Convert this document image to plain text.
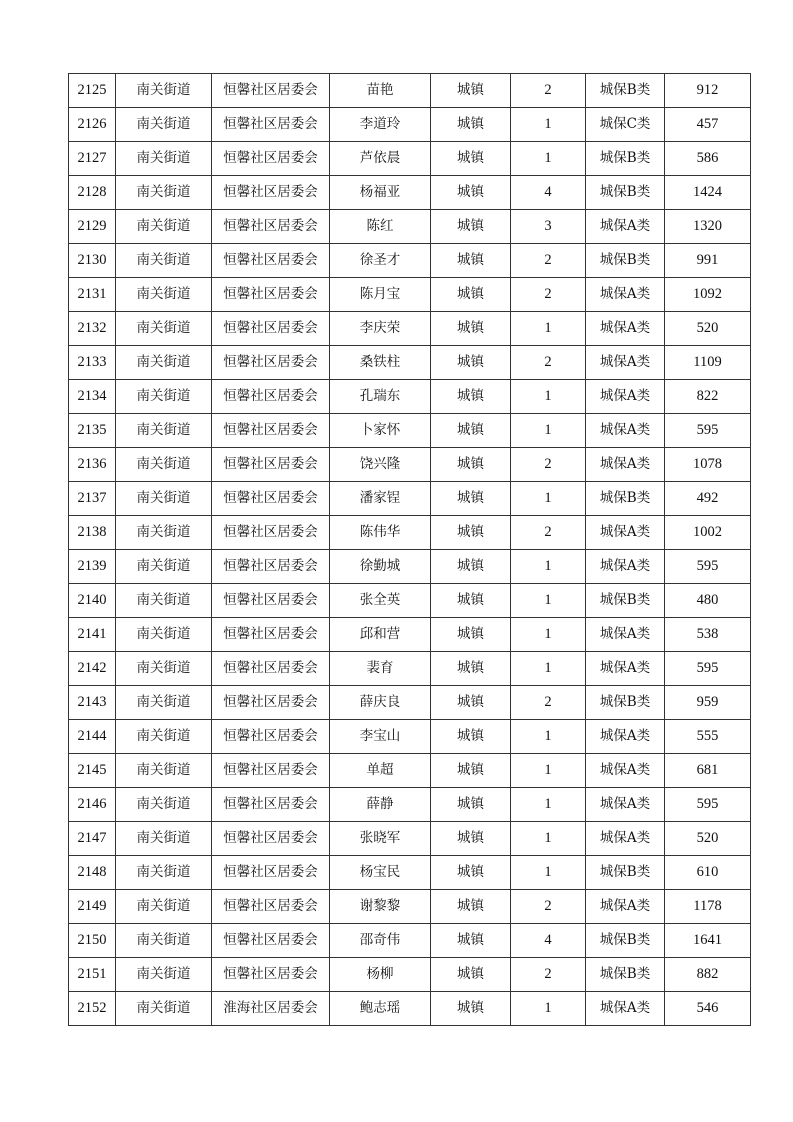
2125	南关街道	恒馨社区居委会	苗艳	城镇	2	城保B类	912
2126	南关街道	恒馨社区居委会	李道玲	城镇	1	城保C类	457
2127	南关街道	恒馨社区居委会	芦依晨	城镇	1	城保B类	586
2128	南关街道	恒馨社区居委会	杨福亚	城镇	4	城保B类	1424
2129	南关街道	恒馨社区居委会	陈红	城镇	3	城保A类	1320
2130	南关街道	恒馨社区居委会	徐圣才	城镇	2	城保B类	991
2131	南关街道	恒馨社区居委会	陈月宝	城镇	2	城保A类	1092
2132	南关街道	恒馨社区居委会	李庆荣	城镇	1	城保A类	520
2133	南关街道	恒馨社区居委会	桑铁柱	城镇	2	城保A类	1109
2134	南关街道	恒馨社区居委会	孔瑞东	城镇	1	城保A类	822
2135	南关街道	恒馨社区居委会	卜家怀	城镇	1	城保A类	595
2136	南关街道	恒馨社区居委会	饶兴隆	城镇	2	城保A类	1078
2137	南关街道	恒馨社区居委会	潘家锃	城镇	1	城保B类	492
2138	南关街道	恒馨社区居委会	陈伟华	城镇	2	城保A类	1002
2139	南关街道	恒馨社区居委会	徐勤城	城镇	1	城保A类	595
2140	南关街道	恒馨社区居委会	张全英	城镇	1	城保B类	480
2141	南关街道	恒馨社区居委会	邱和营	城镇	1	城保A类	538
2142	南关街道	恒馨社区居委会	裴育	城镇	1	城保A类	595
2143	南关街道	恒馨社区居委会	薛庆良	城镇	2	城保B类	959
2144	南关街道	恒馨社区居委会	李宝山	城镇	1	城保A类	555
2145	南关街道	恒馨社区居委会	单超	城镇	1	城保A类	681
2146	南关街道	恒馨社区居委会	薛静	城镇	1	城保A类	595
2147	南关街道	恒馨社区居委会	张晓军	城镇	1	城保A类	520
2148	南关街道	恒馨社区居委会	杨宝民	城镇	1	城保B类	610
2149	南关街道	恒馨社区居委会	谢黎黎	城镇	2	城保A类	1178
2150	南关街道	恒馨社区居委会	邵奇伟	城镇	4	城保B类	1641
2151	南关街道	恒馨社区居委会	杨柳	城镇	2	城保B类	882
2152	南关街道	淮海社区居委会	鲍志瑶	城镇	1	城保A类	546
